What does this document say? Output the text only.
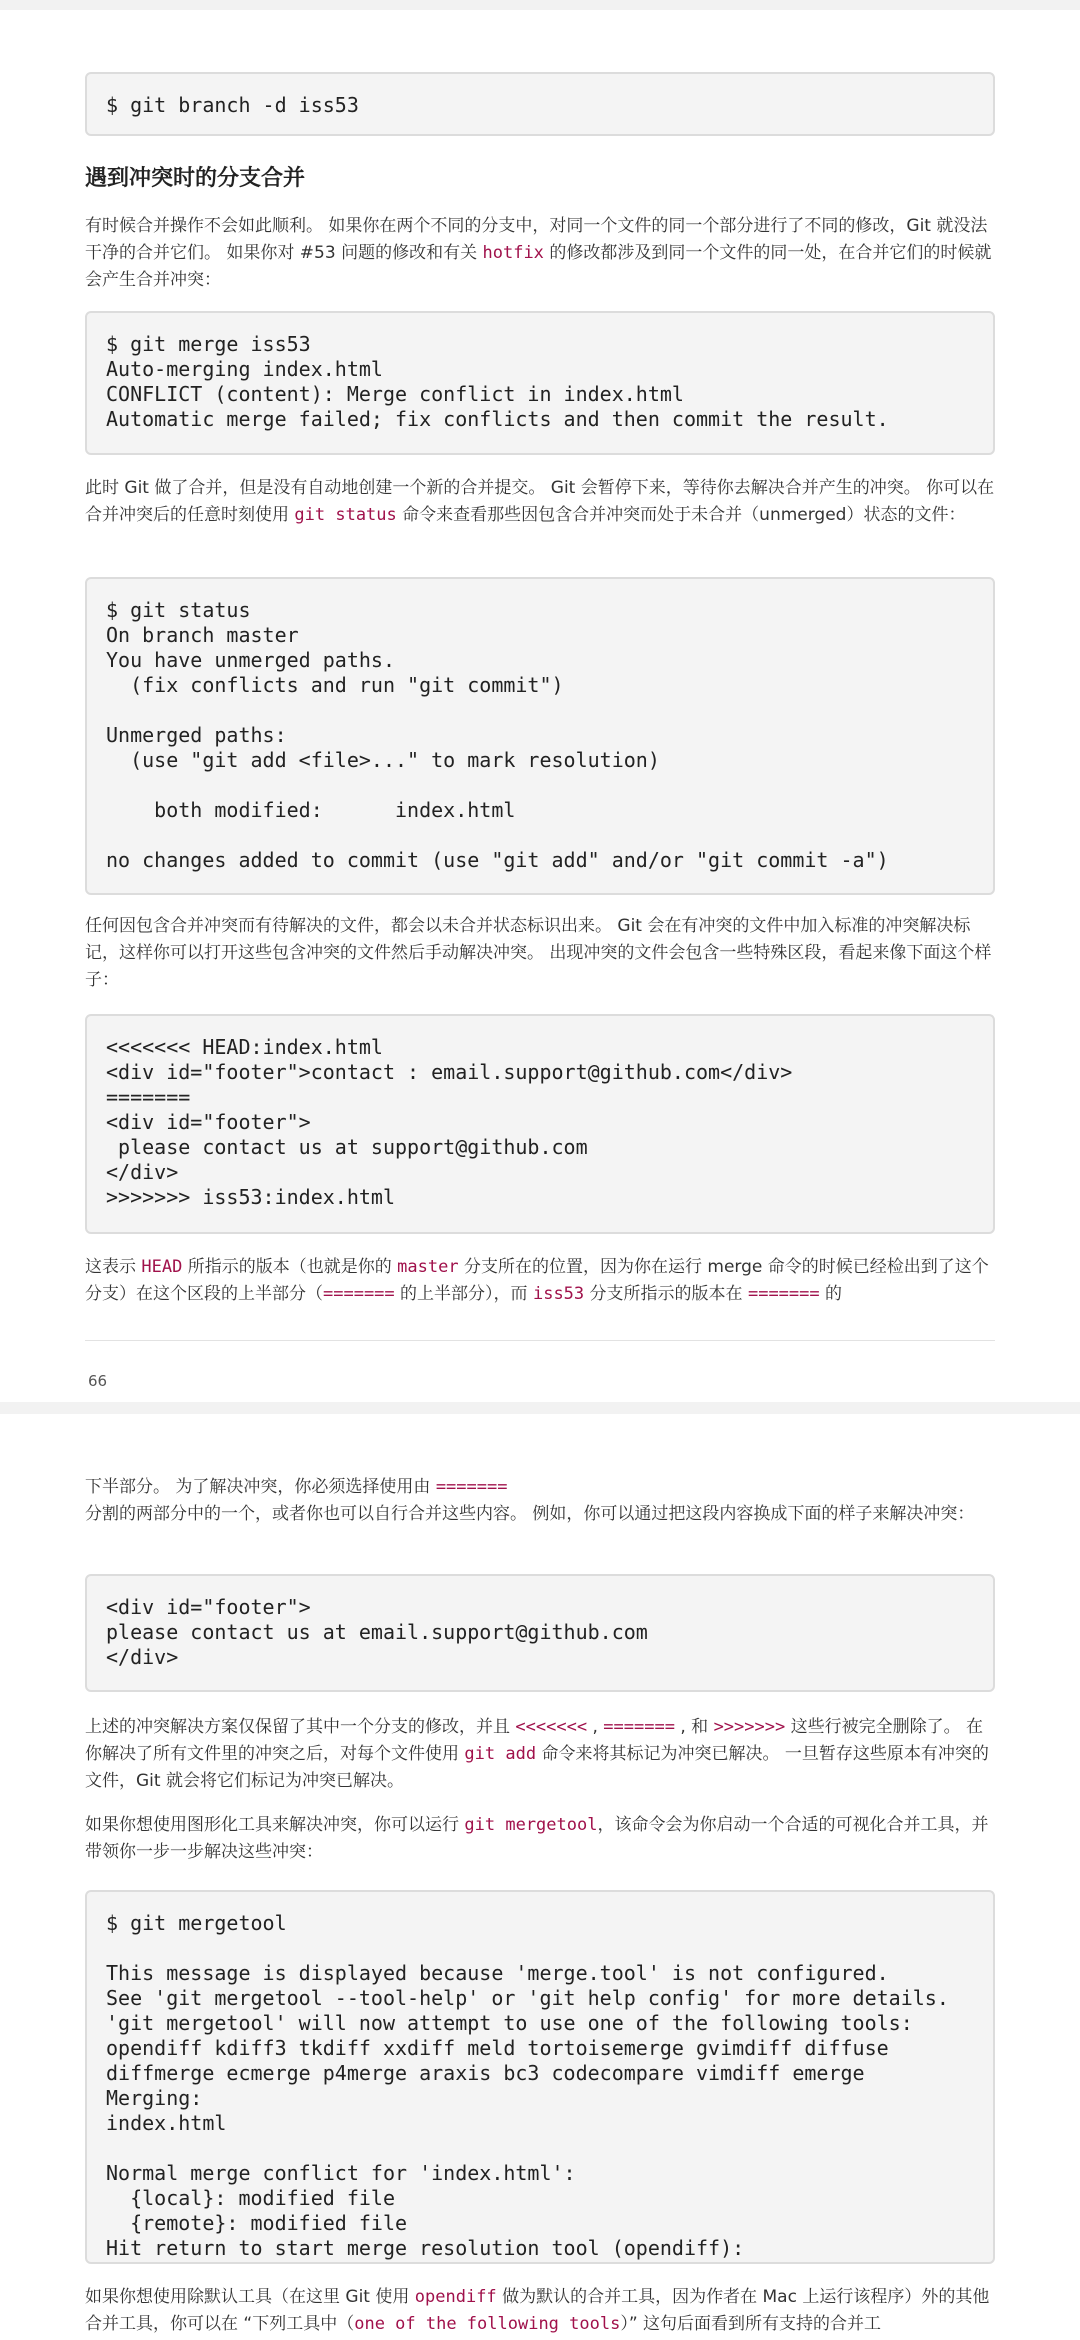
$ git branch -d iss53
遇到冲突时的分支合并

有时候合并操作不会如此顺利。 如果你在两个不同的分支中，对同一个文件的同一个部分进行了不同的修改，Git 就没法干净的合并它们。 如果你对 #53 问题的修改和有关 hotfix 的修改都涉及到同一个文件的同一处，在合并它们的时候就会产生合并冲突：

$ git merge iss53
Auto-merging index.html
CONFLICT (content): Merge conflict in index.html
Automatic merge failed; fix conflicts and then commit the result.

此时 Git 做了合并，但是没有自动地创建一个新的合并提交。 Git 会暂停下来，等待你去解决合并产生的冲突。 你可以在合并冲突后的任意时刻使用 git status 命令来查看那些因包含合并冲突而处于未合并（unmerged）状态的文件：

$ git status
On branch master
You have unmerged paths.
(fix conflicts and run "git commit")

Unmerged paths:
(use "git add <file>..." to mark resolution)

both modified:      index.html

no changes added to commit (use "git add" and/or "git commit -a")

任何因包含合并冲突而有待解决的文件，都会以未合并状态标识出来。 Git 会在有冲突的文件中加入标准的冲突解决标记，这样你可以打开这些包含冲突的文件然后手动解决冲突。 出现冲突的文件会包含一些特殊区段，看起来像下面这个样子：

<<<<<<< HEAD:index.html
<div id="footer">contact : email.support@github.com</div>
=======
<div id="footer">
please contact us at support@github.com
</div>
>>>>>>> iss53:index.html

这表示 HEAD 所指示的版本（也就是你的 master 分支所在的位置，因为你在运行 merge 命令的时候已经检出到了这个分支）在这个区段的上半部分（======= 的上半部分），而 iss53 分支所指示的版本在 ======= 的

66

下半部分。 为了解决冲突，你必须选择使用由 =======
分割的两部分中的一个，或者你也可以自行合并这些内容。 例如，你可以通过把这段内容换成下面的样子来解决冲突：

<div id="footer">
please contact us at email.support@github.com
</div>

上述的冲突解决方案仅保留了其中一个分支的修改，并且 <<<<<<< , ======= , 和 >>>>>>> 这些行被完全删除了。 在你解决了所有文件里的冲突之后，对每个文件使用 git add 命令来将其标记为冲突已解决。 一旦暂存这些原本有冲突的文件，Git 就会将它们标记为冲突已解决。

如果你想使用图形化工具来解决冲突，你可以运行 git mergetool，该命令会为你启动一个合适的可视化合并工具，并带领你一步一步解决这些冲突：

$ git mergetool

This message is displayed because 'merge.tool' is not configured.
See 'git mergetool --tool-help' or 'git help config' for more details.
'git mergetool' will now attempt to use one of the following tools:
opendiff kdiff3 tkdiff xxdiff meld tortoisemerge gvimdiff diffuse
diffmerge ecmerge p4merge araxis bc3 codecompare vimdiff emerge
Merging:
index.html

Normal merge conflict for 'index.html':
{local}: modified file
{remote}: modified file
Hit return to start merge resolution tool (opendiff):

如果你想使用除默认工具（在这里 Git 使用 opendiff 做为默认的合并工具，因为作者在 Mac 上运行该程序）外的其他合并工具，你可以在 “下列工具中（one of the following tools）” 这句后面看到所有支持的合并工
